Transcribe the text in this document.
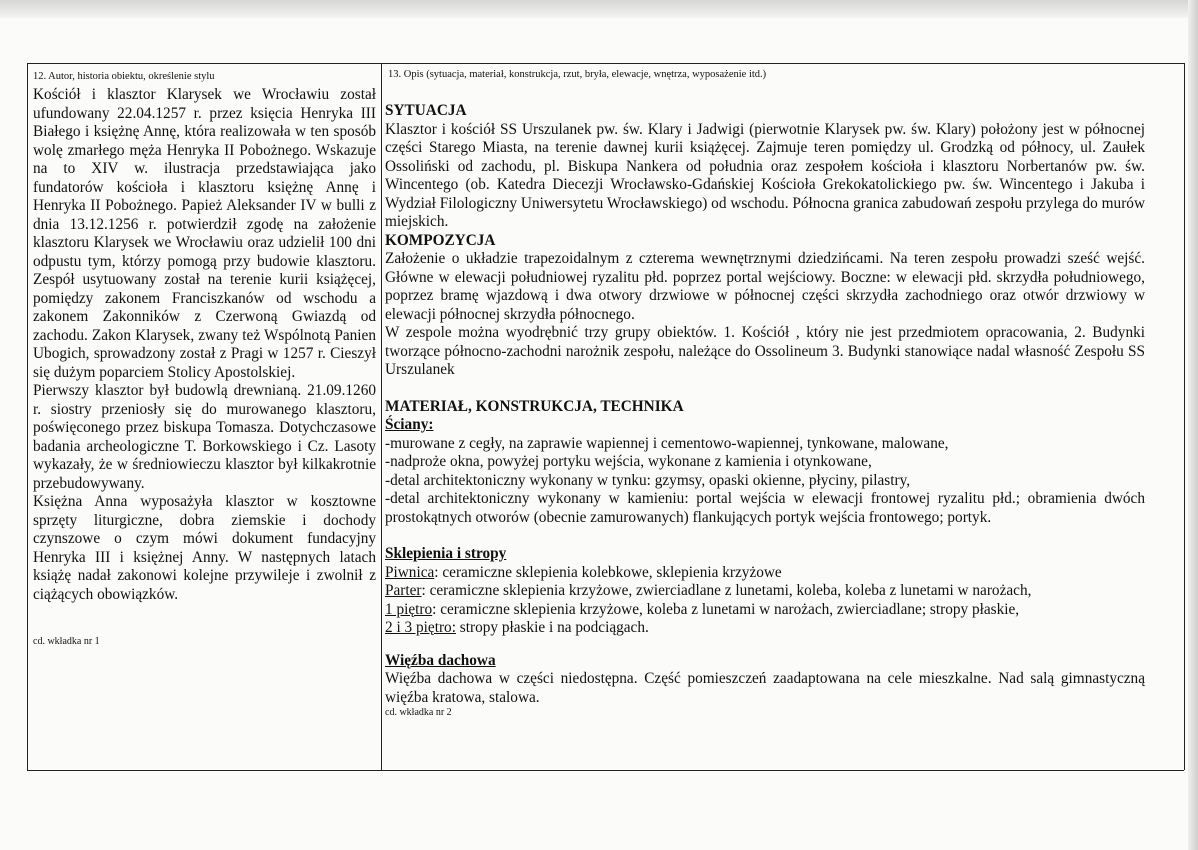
12. Autor, historia obiektu, określenie stylu	13. Opis (sytuacja, materiał, konstrukcja, rzut, bryła, elewacje, wnętrza, wyposażenie itd.)

Kościół i klasztor Klarysek we Wrocławiu został ufundowany 22.04.1257 r. przez księcia Henryka III Białego i księżnę Annę, która realizowała w ten sposób wolę zmarłego męża Henryka II Pobożnego. Wskazuje na to XIV w. ilustracja przedstawiająca jako fundatorów kościoła i klasztoru księżnę Annę i Henryka II Pobożnego. Papież Aleksander IV w bulli z dnia 13.12.1256 r. potwierdził zgodę na założenie klasztoru Klarysek we Wrocławiu oraz udzielił 100 dni odpustu tym, którzy pomogą przy budowie klasztoru. Zespół usytuowany został na terenie kurii książęcej, pomiędzy zakonem Franciszkanów od wschodu a zakonem Zakonników z Czerwoną Gwiazdą od zachodu. Zakon Klarysek, zwany też Wspólnotą Panien Ubogich, sprowadzony został z Pragi w 1257 r. Cieszył się dużym poparciem Stolicy Apostolskiej.

Pierwszy klasztor był budowlą drewnianą. 21.09.1260 r. siostry przeniosły się do murowanego klasztoru, poświęconego przez biskupa Tomasza. Dotychczasowe badania archeologiczne T. Borkowskiego i Cz. Lasoty wykazały, że w średniowieczu klasztor był kilkakrotnie przebudowywany.

Księżna Anna wyposażyła klasztor w kosztowne sprzęty liturgiczne, dobra ziemskie i dochody czynszowe o czym mówi dokument fundacyjny Henryka III i księżnej Anny. W następnych latach książę nadał zakonowi kolejne przywileje i zwolnił z ciążących obowiązków.

cd. wkładka nr 1
SYTUACJA

Klasztor i kościół SS Urszulanek pw. św. Klary i Jadwigi (pierwotnie Klarysek pw. św. Klary) położony jest w północnej części Starego Miasta, na terenie dawnej kurii książęcej. Zajmuje teren pomiędzy ul. Grodzką od północy, ul. Zaułek Ossoliński od zachodu, pl. Biskupa Nankera od południa oraz zespołem kościoła i klasztoru Norbertanów pw. św. Wincentego (ob. Katedra Diecezji Wrocławsko-Gdańskiej Kościoła Grekokatolickiego pw. św. Wincentego i Jakuba i Wydział Filologiczny Uniwersytetu Wrocławskiego) od wschodu. Północna granica zabudowań zespołu przylega do murów miejskich.

KOMPOZYCJA

Założenie o układzie trapezoidalnym z czterema wewnętrznymi dziedzińcami. Na teren zespołu prowadzi sześć wejść. Główne w elewacji południowej ryzalitu płd. poprzez portal wejściowy. Boczne: w elewacji płd. skrzydła południowego, poprzez bramę wjazdową i dwa otwory drzwiowe w północnej części skrzydła zachodniego oraz otwór drzwiowy w elewacji północnej skrzydła północnego.

W zespole można wyodrębnić trzy grupy obiektów. 1. Kościół , który nie jest przedmiotem opracowania, 2. Budynki tworzące północno-zachodni narożnik zespołu, należące do Ossolineum 3. Budynki stanowiące nadal własność Zespołu SS Urszulanek

MATERIAŁ, KONSTRUKCJA, TECHNIKA
Ściany:
-murowane z cegły, na zaprawie wapiennej i cementowo-wapiennej, tynkowane, malowane,
-nadproże okna, powyżej portyku wejścia, wykonane z kamienia i otynkowane,
-detal architektoniczny wykonany w tynku: gzymsy, opaski okienne, płyciny, pilastry,

-detal architektoniczny wykonany w kamieniu: portal wejścia w elewacji frontowej ryzalitu płd.; obramienia dwóch prostokątnych otworów (obecnie zamurowanych) flankujących portyk wejścia frontowego; portyk.

Sklepienia i stropy
Piwnica: ceramiczne sklepienia kolebkowe, sklepienia krzyżowe
Parter: ceramiczne sklepienia krzyżowe, zwierciadlane z lunetami, koleba, koleba z lunetami w narożach,
1 piętro: ceramiczne sklepienia krzyżowe, koleba z lunetami w narożach, zwierciadlane; stropy płaskie,
2 i 3 piętro: stropy płaskie i na podciągach.
Więźba dachowa

Więźba dachowa w części niedostępna. Część pomieszczeń zaadaptowana na cele mieszkalne. Nad salą gimnastyczną więźba kratowa, stalowa.

cd. wkładka nr 2
